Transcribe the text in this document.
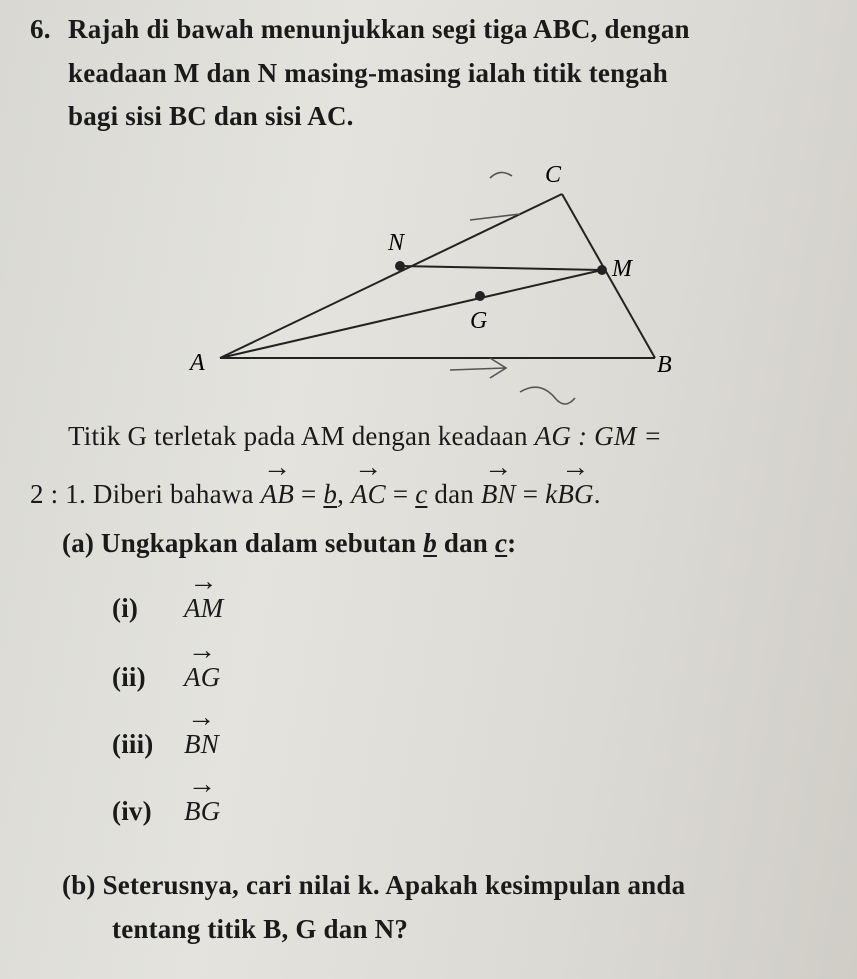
6. Rajah di bawah menunjukkan segi tiga ABC, dengan
keadaan M dan N masing-masing ialah titik tengah
bagi sisi BC dan sisi AC.
C
N
M
G
A	B
Titik G terletak pada AM dengan keadaan AG : GM =
2 : 1. Diberi bahawa → AB = b, → AC = c dan → BN = k→ BG.
(a) Ungkapkan dalam sebutan b dan c:
(i) → AM
(ii) → AG
(iii) → BN
(iv) → BG
(b) Seterusnya, cari nilai k. Apakah kesimpulan anda
tentang titik B, G dan N?
